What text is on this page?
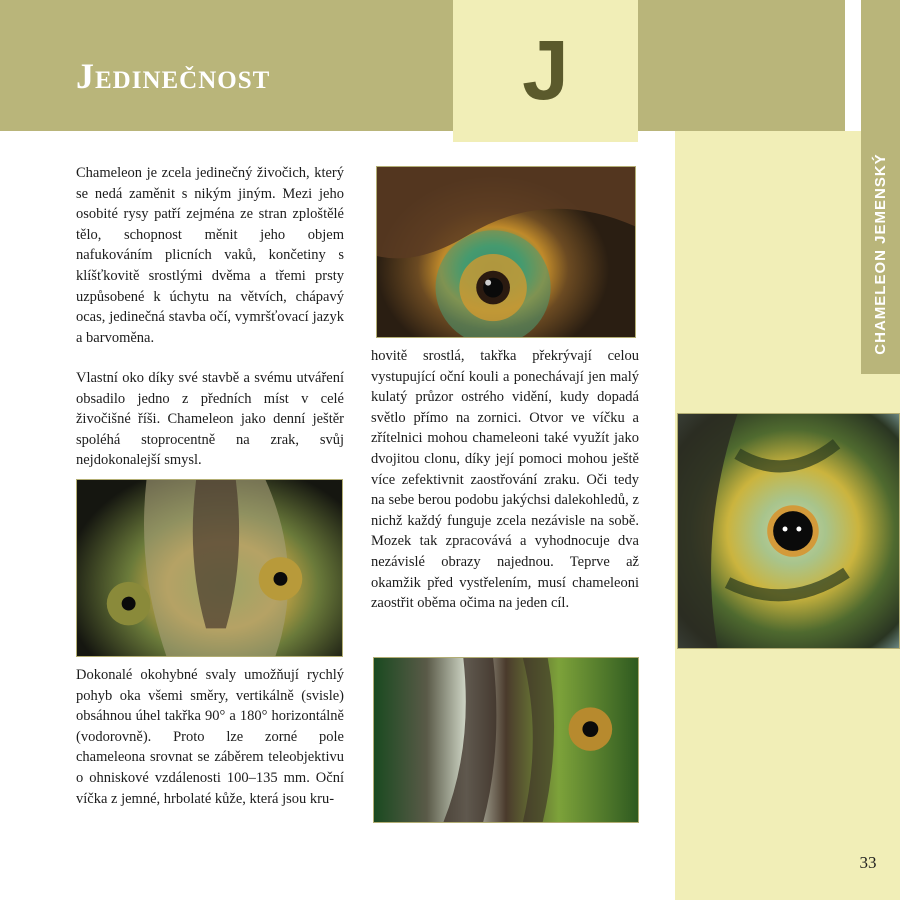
J
Jedinečnost
CHAMELEON JEMENSKÝ

Chameleon je zcela jedinečný živočich, který se nedá zaměnit s nikým jiným. Mezi jeho osobité rysy patří zejména ze stran zploštělé tělo, schopnost měnit jeho objem nafukováním plicních vaků, končetiny s klíšťkovitě srostlými dvěma a třemi prsty uzpůsobené k úchytu na větvích, chápavý ocas, jedinečná stavba očí, vymršťovací jazyk a barvoměna.

Vlastní oko díky své stavbě a svému utváření obsadilo jedno z předních míst v celé živočišné říši. Chameleon jako denní ještěr spoléhá stoprocentně na zrak, svůj nejdokonalejší smysl.

Dokonalé okohybné svaly umožňují rychlý pohyb oka všemi směry, vertikálně (svisle) obsáhnou úhel takřka 90° a 180° horizontálně (vodorovně). Proto lze zorné pole chameleona srovnat se záběrem teleobjektivu o ohniskové vzdálenosti 100–135 mm. Oční víčka z jemné, hrbolaté kůže, která jsou kru-

hovitě srostlá, takřka překrývají celou vystupující oční kouli a ponechávají jen malý kulatý průzor ostrého vidění, kudy dopadá světlo přímo na zornici. Otvor ve víčku a zřítelnici mohou chameleoni také využít jako dvojitou clonu, díky její pomoci mohou ještě více zefektivnit zaostřování zraku. Oči tedy na sebe berou podobu jakýchsi dalekohledů, z nichž každý funguje zcela nezávisle na sobě. Mozek tak zpracovává a vyhodnocuje dva nezávislé obrazy najednou. Teprve až okamžik před vystřelením, musí chameleoni zaostřit oběma očima na jeden cíl.

33
